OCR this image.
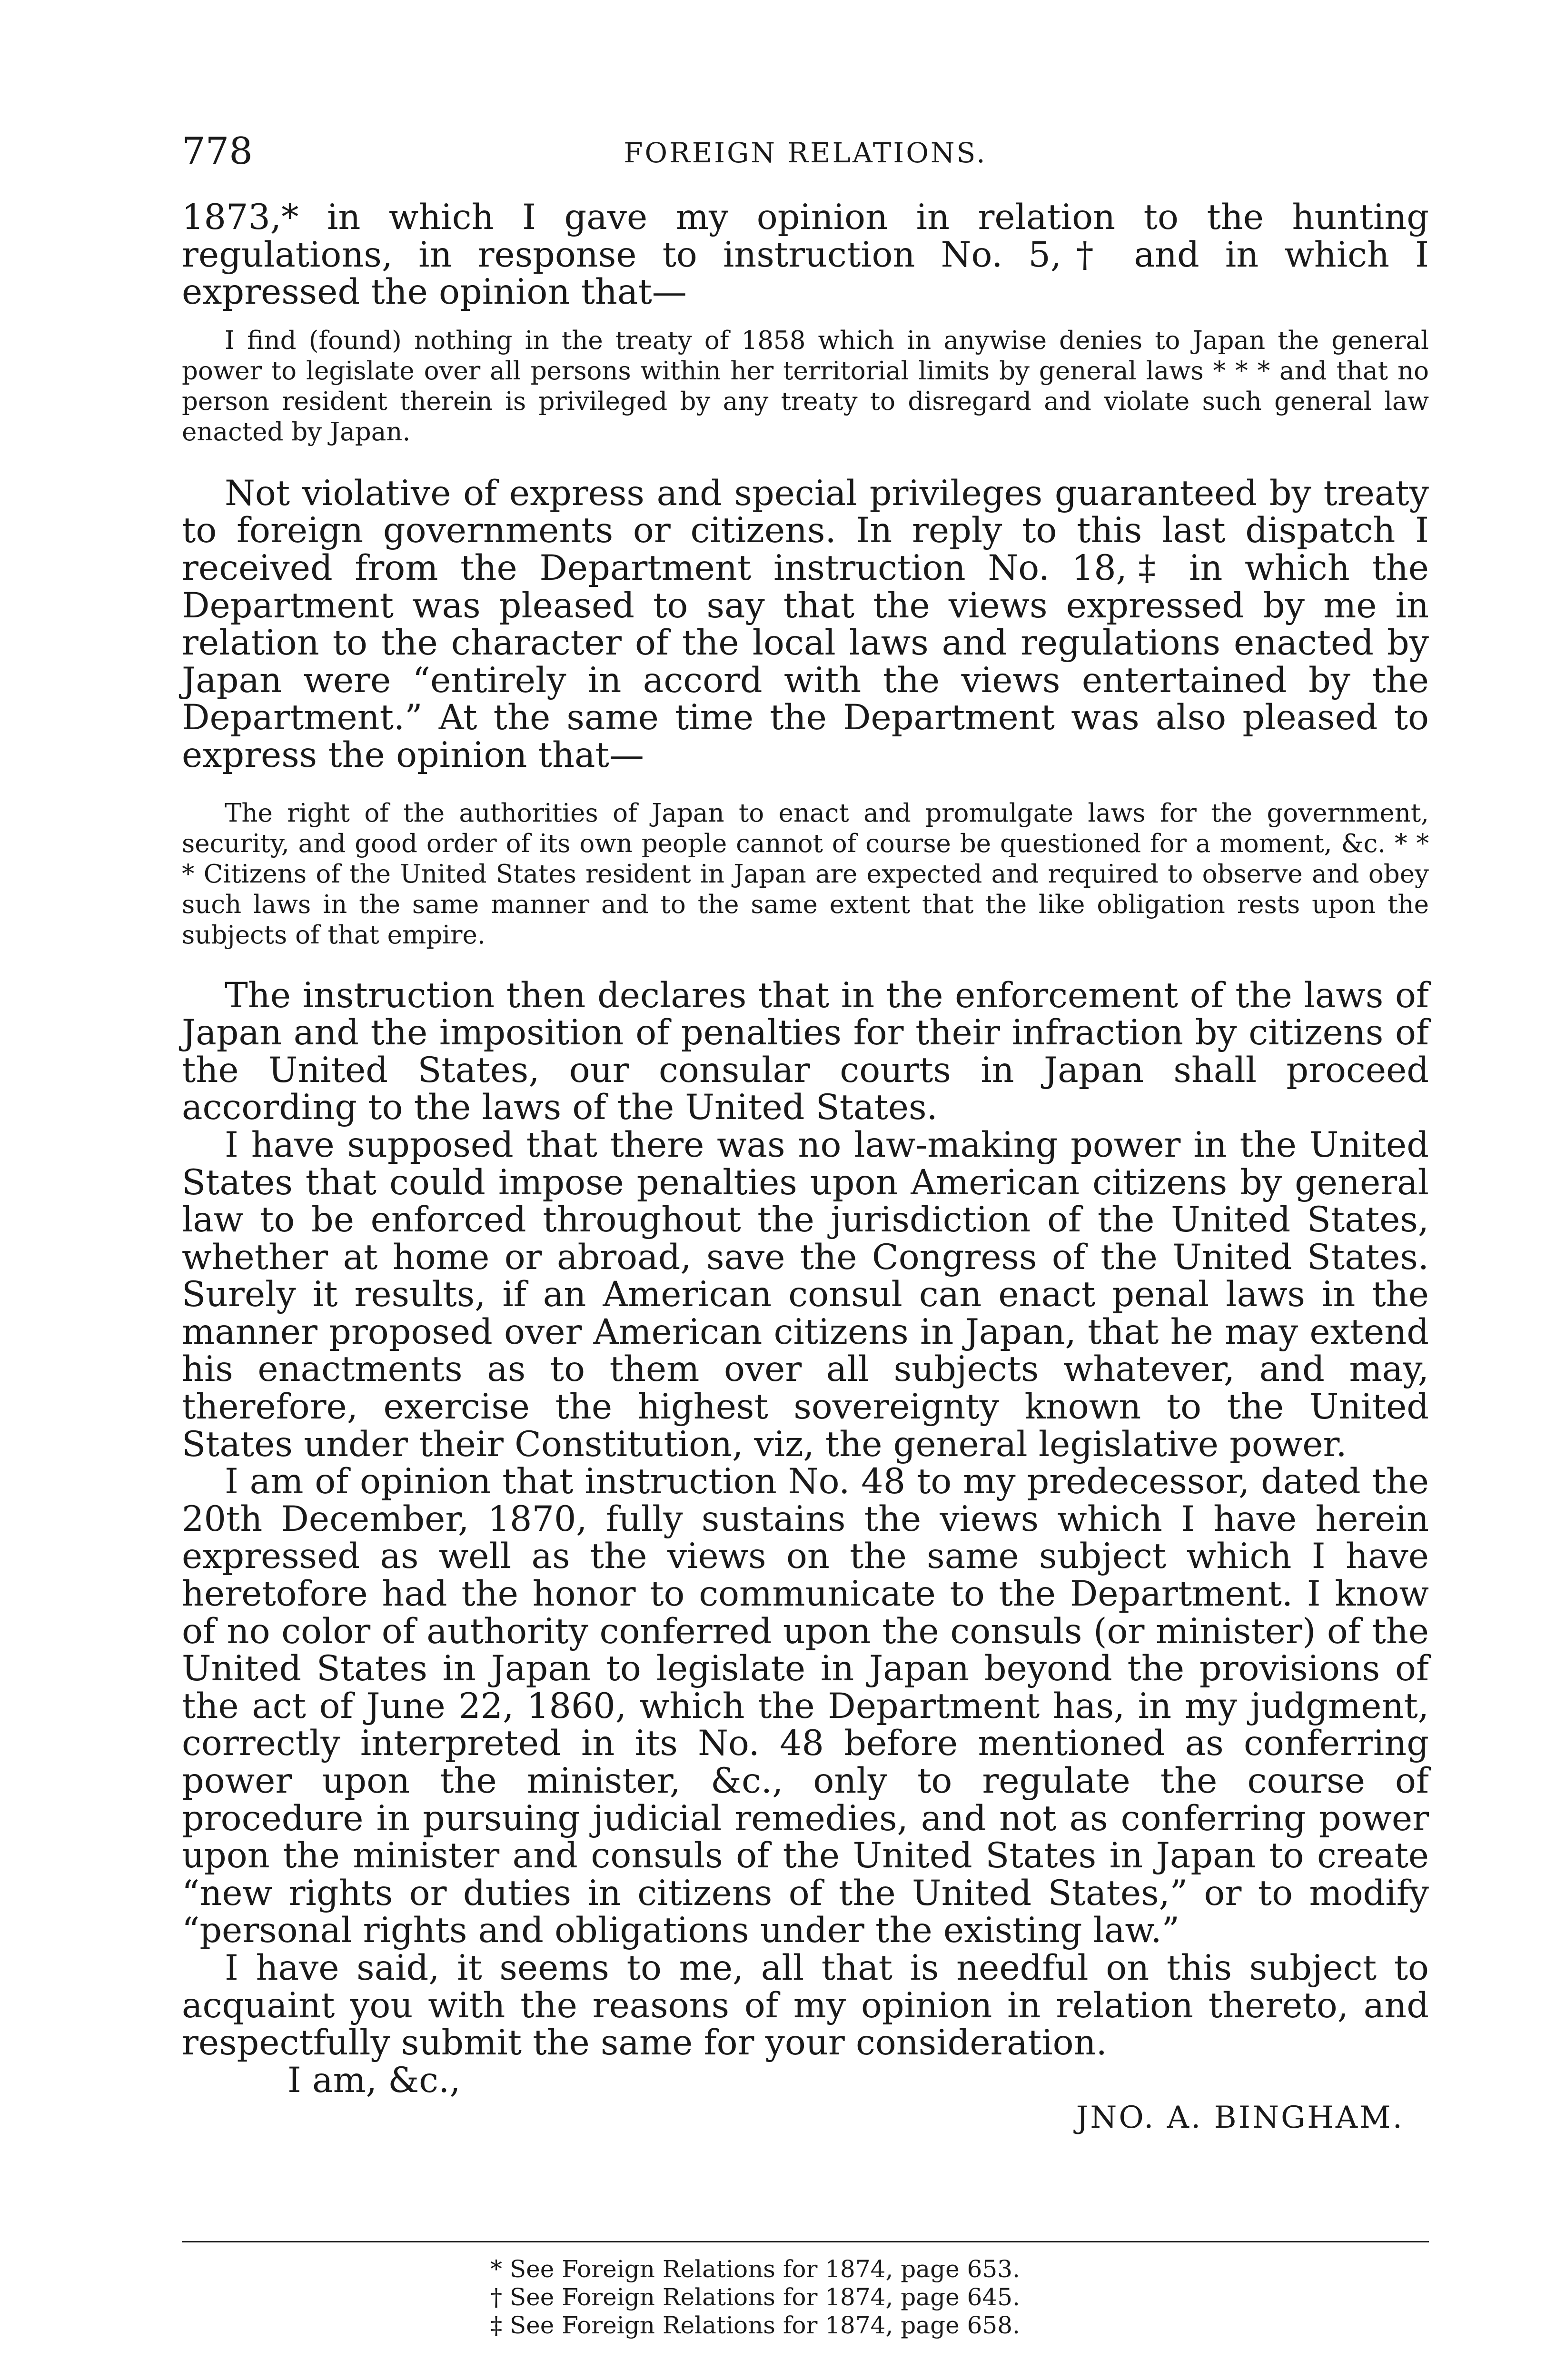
778	FOREIGN RELATIONS.

1873,* in which I gave my opinion in relation to the hunting regulations, in response to instruction No. 5,† and in which I expressed the opinion that—

I find (found) nothing in the treaty of 1858 which in anywise denies to Japan the general power to legislate over all persons within her territorial limits by general laws * * * and that no person resident therein is privileged by any treaty to disregard and violate such general law enacted by Japan.

Not violative of express and special privileges guaranteed by treaty to foreign governments or citizens. In reply to this last dispatch I received from the Department instruction No. 18,‡ in which the Department was pleased to say that the views expressed by me in relation to the character of the local laws and regulations enacted by Japan were “entirely in accord with the views entertained by the Department.” At the same time the Department was also pleased to express the opinion that—

The right of the authorities of Japan to enact and promulgate laws for the government, security, and good order of its own people cannot of course be questioned for a moment, &c. * * * Citizens of the United States resident in Japan are expected and required to observe and obey such laws in the same manner and to the same extent that the like obligation rests upon the subjects of that empire.

The instruction then declares that in the enforcement of the laws of Japan and the imposition of penalties for their infraction by citizens of the United States, our consular courts in Japan shall proceed according to the laws of the United States.

I have supposed that there was no law-making power in the United States that could impose penalties upon American citizens by general law to be enforced throughout the jurisdiction of the United States, whether at home or abroad, save the Congress of the United States. Surely it results, if an American consul can enact penal laws in the manner proposed over American citizens in Japan, that he may extend his enactments as to them over all subjects whatever, and may, therefore, exercise the highest sovereignty known to the United States under their Constitution, viz, the general legislative power.

I am of opinion that instruction No. 48 to my predecessor, dated the 20th December, 1870, fully sustains the views which I have herein expressed as well as the views on the same subject which I have heretofore had the honor to communicate to the Department. I know of no color of authority conferred upon the consuls (or minister) of the United States in Japan to legislate in Japan beyond the provisions of the act of June 22, 1860, which the Department has, in my judgment, correctly interpreted in its No. 48 before mentioned as conferring power upon the minister, &c., only to regulate the course of procedure in pursuing judicial remedies, and not as conferring power upon the minister and consuls of the United States in Japan to create “new rights or duties in citizens of the United States,” or to modify “personal rights and obligations under the existing law.”

I have said, it seems to me, all that is needful on this subject to acquaint you with the reasons of my opinion in relation thereto, and respectfully submit the same for your consideration.

I am, &c.,

JNO. A. BINGHAM.

* See Foreign Relations for 1874, page 653.

† See Foreign Relations for 1874, page 645.

‡ See Foreign Relations for 1874, page 658.
